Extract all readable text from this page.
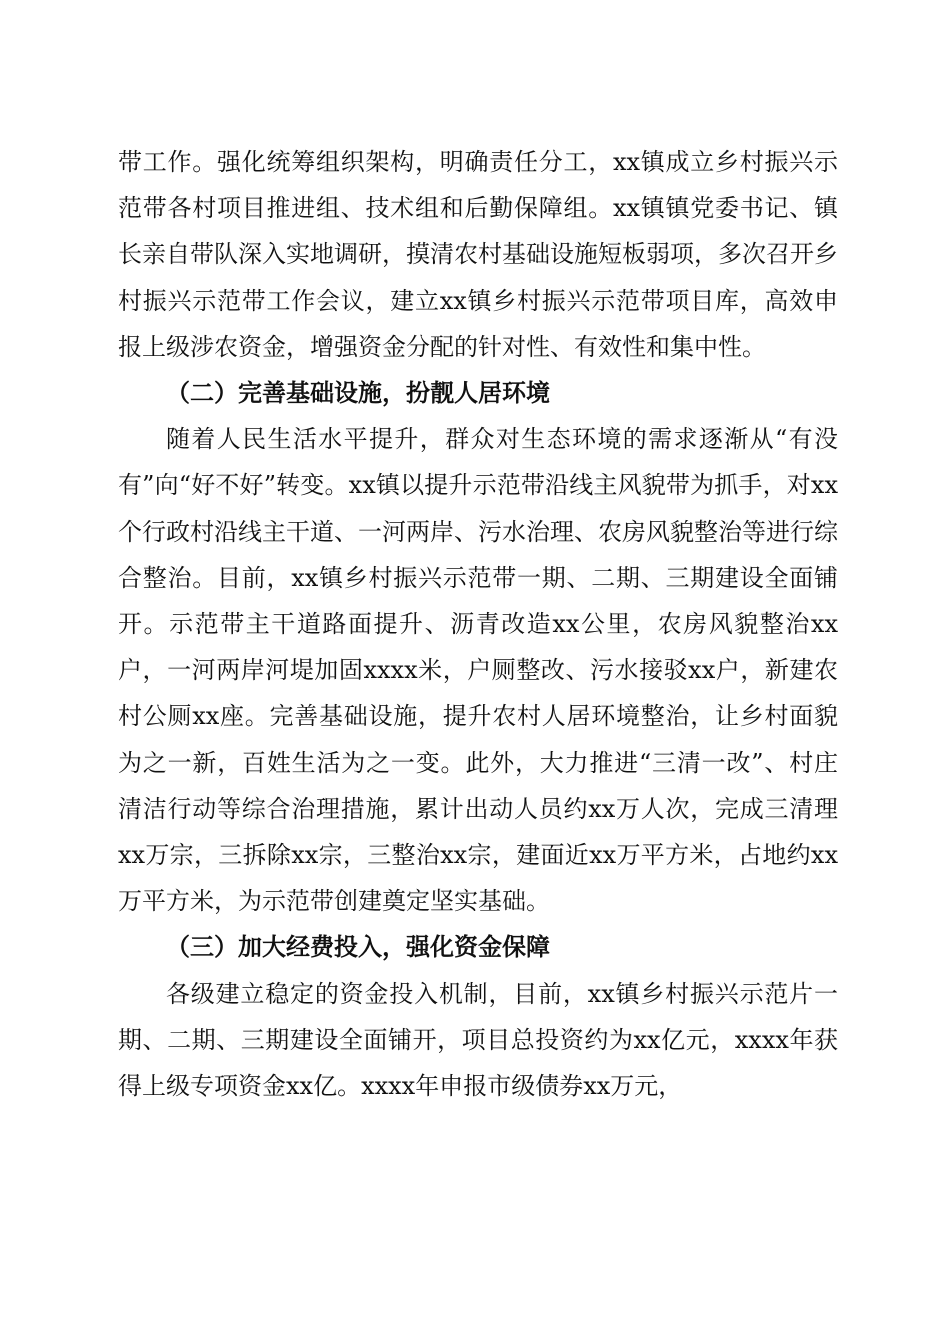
带工作。强化统筹组织架构，明确责任分工，xx镇成立乡村振兴示范带各村项目推进组、技术组和后勤保障组。xx镇镇党委书记、镇长亲自带队深入实地调研，摸清农村基础设施短板弱项，多次召开乡村振兴示范带工作会议，建立xx镇乡村振兴示范带项目库，高效申报上级涉农资金，增强资金分配的针对性、有效性和集中性。

（二）完善基础设施，扮靓人居环境

随着人民生活水平提升，群众对生态环境的需求逐渐从“有没有”向“好不好”转变。xx镇以提升示范带沿线主风貌带为抓手，对xx个行政村沿线主干道、一河两岸、污水治理、农房风貌整治等进行综合整治。目前，xx镇乡村振兴示范带一期、二期、三期建设全面铺开。示范带主干道路面提升、沥青改造xx公里，农房风貌整治xx户，一河两岸河堤加固xxxx米，户厕整改、污水接驳xx户，新建农村公厕xx座。完善基础设施，提升农村人居环境整治，让乡村面貌为之一新，百姓生活为之一变。此外，大力推进“三清一改”、村庄清洁行动等综合治理措施，累计出动人员约xx万人次，完成三清理xx万宗，三拆除xx宗，三整治xx宗，建面近xx万平方米，占地约xx万平方米，为示范带创建奠定坚实基础。

（三）加大经费投入，强化资金保障

各级建立稳定的资金投入机制，目前，xx镇乡村振兴示范片一期、二期、三期建设全面铺开，项目总投资约为xx亿元，xxxx年获得上级专项资金xx亿。xxxx年申报市级债券xx万元，
